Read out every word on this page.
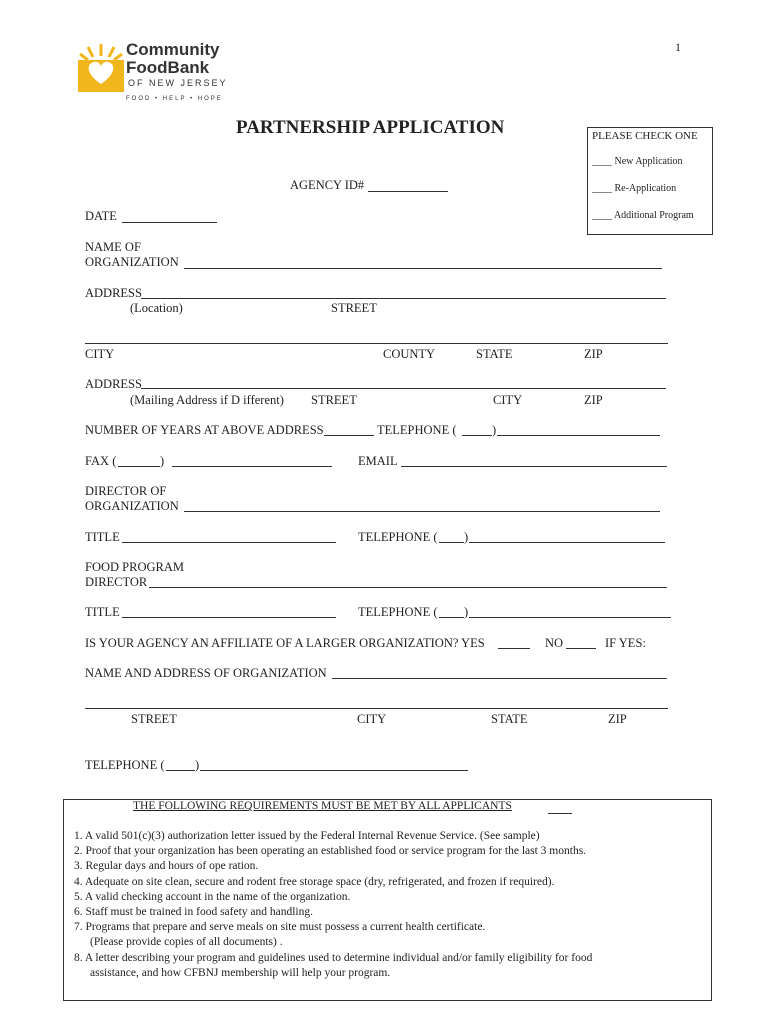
1
Community
FoodBank
OF NEW JERSEY
FOOD • HELP • HOPE
PARTNERSHIP APPLICATION	PLEASE CHECK ONE
____ New Application
____ Re-Application
____ Additional Program
AGENCY ID#
DATE
NAME OF
ORGANIZATION
ADDRESS
(Location)	STREET
CITY	COUNTY	STATE	ZIP
ADDRESS
(Mailing Address if D ifferent) STREET	CITY	ZIP
NUMBER OF YEARS AT ABOVE ADDRESS	TELEPHONE (	)
FAX (	)	EMAIL
DIRECTOR OF
ORGANIZATION
TITLE	TELEPHONE ( )
FOOD PROGRAM
DIRECTOR
TITLE	TELEPHONE ( )
IS YOUR AGENCY AN AFFILIATE OF A LARGER ORGANIZATION? YES	NO	IF YES:
NAME AND ADDRESS OF ORGANIZATION
STREET	CITY	STATE	ZIP
TELEPHONE ( )
THE FOLLOWING REQUIREMENTS MUST BE MET BY ALL APPLICANTS
1. A valid 501(c)(3) authorization letter issued by the Federal Internal Revenue Service. (See sample)
2. Proof that your organization has been operating an established food or service program for the last 3 months.
3. Regular days and hours of ope ration.
4. Adequate on site clean, secure and rodent free storage space (dry, refrigerated, and frozen if required).
5. A valid checking account in the name of the organization.
6. Staff must be trained in food safety and handling.
7. Programs that prepare and serve meals on site must possess a current health certificate.
(Please provide copies of all documents) .
8. A letter describing your program and guidelines used to determine individual and/or family eligibility for food
assistance, and how CFBNJ membership will help your program.
